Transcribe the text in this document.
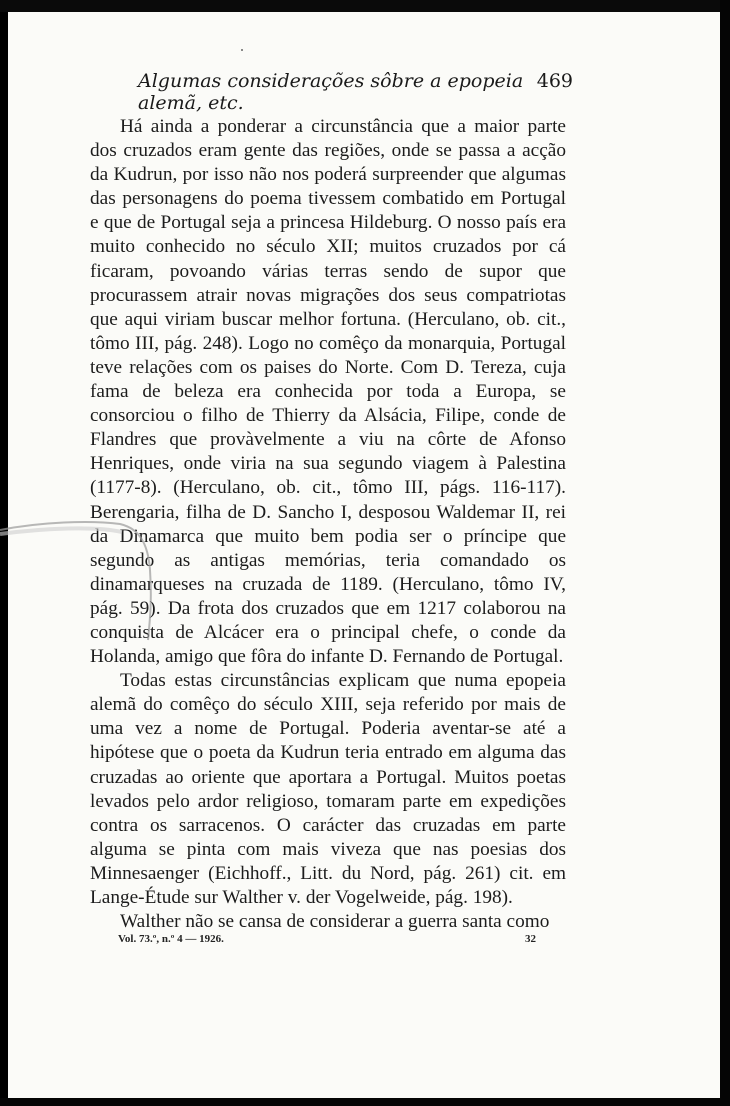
Algumas considerações sôbre a epopeia alemã, etc.
469

Há ainda a ponderar a circunstância que a maior parte dos cruzados eram gente das regiões, onde se passa a acção da Kudrun, por isso não nos poderá surpreender que algumas das personagens do poema tivessem combatido em Portugal e que de Portugal seja a princesa Hildeburg. O nosso país era muito conhecido no século XII; muitos cruzados por cá ficaram, povoando várias terras sendo de supor que procurassem atrair novas migrações dos seus compatriotas que aqui viriam buscar melhor fortuna. (Herculano, ob. cit., tômo III, pág. 248). Logo no comêço da monarquia, Portugal teve relações com os paises do Norte. Com D. Tereza, cuja fama de beleza era conhecida por toda a Europa, se consorciou o filho de Thierry da Alsácia, Filipe, conde de Flandres que provàvelmente a viu na côrte de Afonso Henriques, onde viria na sua segundo viagem à Palestina (1177-8). (Herculano, ob. cit., tômo III, págs. 116-117). Berengaria, filha de D. Sancho I, desposou Waldemar II, rei da Dinamarca que muito bem podia ser o príncipe que segundo as antigas memórias, teria comandado os dinamarqueses na cruzada de 1189. (Herculano, tômo IV, pág. 59). Da frota dos cruzados que em 1217 colaborou na conquista de Alcácer era o principal chefe, o conde da Holanda, amigo que fôra do infante D. Fernando de Portugal.

Todas estas circunstâncias explicam que numa epopeia alemã do comêço do século XIII, seja referido por mais de uma vez a nome de Portugal. Poderia aventar-se até a hipótese que o poeta da Kudrun teria entrado em alguma das cruzadas ao oriente que aportara a Portugal. Muitos poetas levados pelo ardor religioso, tomaram parte em expedições contra os sarracenos. O carácter das cruzadas em parte alguma se pinta com mais viveza que nas poesias dos Minnesaenger (Eichhoff., Litt. du Nord, pág. 261) cit. em Lange-Étude sur Walther v. der Vogelweide, pág. 198).

Walther não se cansa de considerar a guerra santa como

Vol. 73.º, n.º 4 — 1926.	32
